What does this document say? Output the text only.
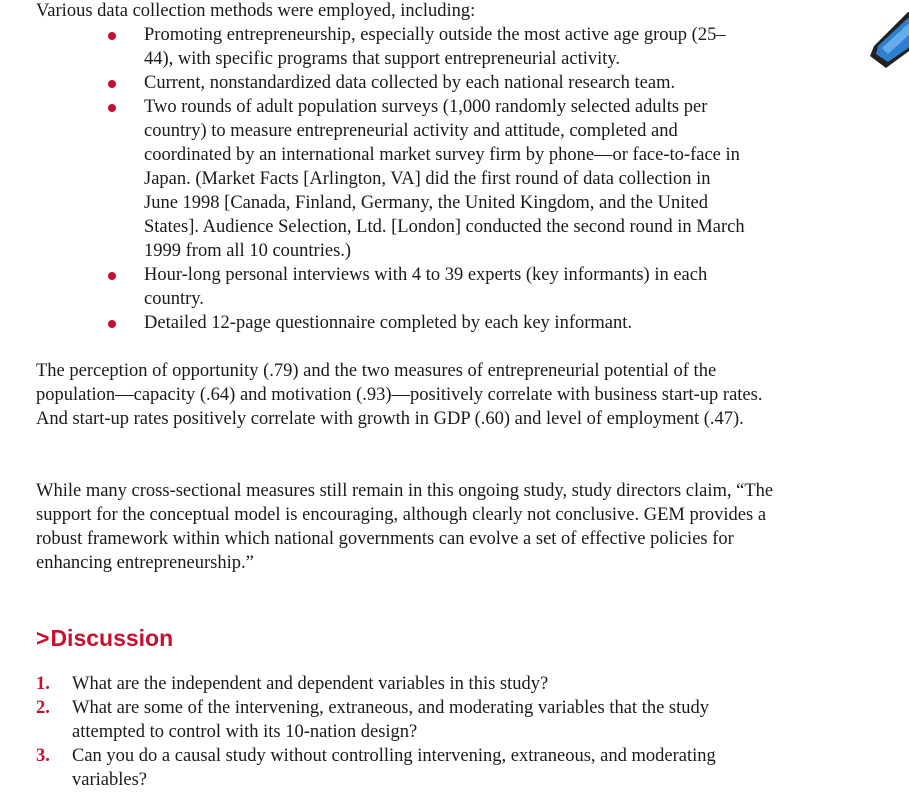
Various data collection methods were employed, including:

Promoting entrepreneurship, especially outside the most active age group (25–44), with specific programs that support entrepreneurial activity.
Current, nonstandardized data collected by each national research team.
Two rounds of adult population surveys (1,000 randomly selected adults per country) to measure entrepreneurial activity and attitude, completed and coordinated by an international market survey firm by phone—or face-to-face in Japan. (Market Facts [Arlington, VA] did the first round of data collection in June 1998 [Canada, Finland, Germany, the United Kingdom, and the United States]. Audience Selection, Ltd. [London] conducted the second round in March 1999 from all 10 countries.)
Hour-long personal interviews with 4 to 39 experts (key informants) in each country.
Detailed 12-page questionnaire completed by each key informant.

The perception of opportunity (.79) and the two measures of entrepreneurial potential of the population—capacity (.64) and motivation (.93)—positively correlate with business start-up rates. And start-up rates positively correlate with growth in GDP (.60) and level of employment (.47).

While many cross-sectional measures still remain in this ongoing study, study directors claim, “The support for the conceptual model is encouraging, although clearly not conclusive. GEM provides a robust framework within which national governments can evolve a set of effective policies for enhancing entrepreneurship.”

>Discussion
1. What are the independent and dependent variables in this study?
2. What are some of the intervening, extraneous, and moderating variables that the study attempted to control with its 10-nation design?
3. Can you do a causal study without controlling intervening, extraneous, and moderating variables?
